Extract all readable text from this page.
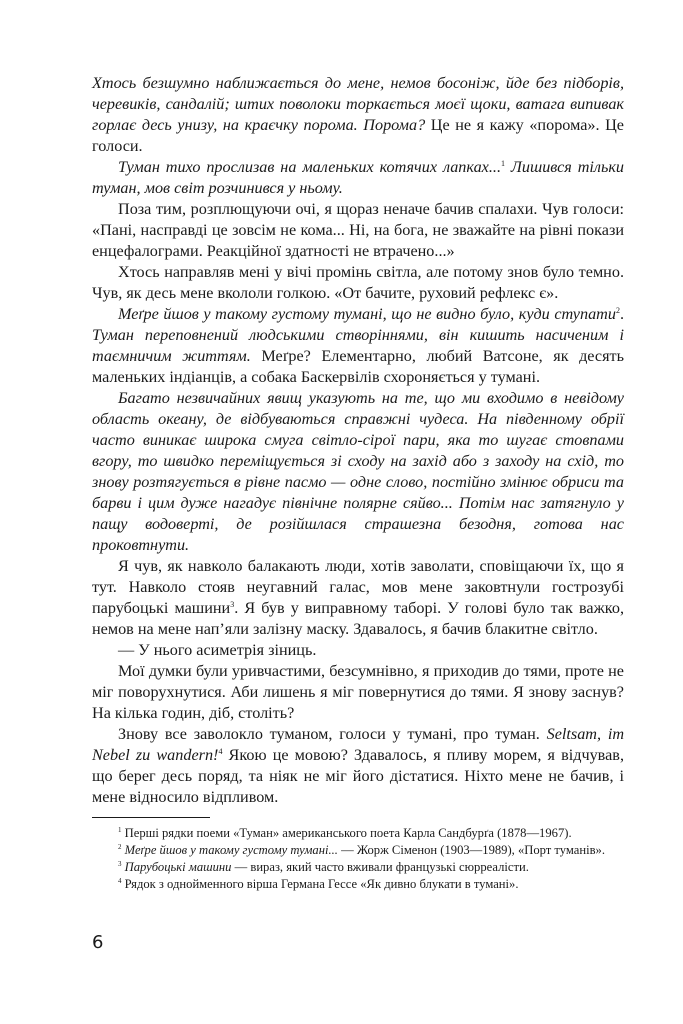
Хтось безшумно наближається до мене, немов босоніж, йде без підборів, черевиків, сандалій; штих поволоки торкається моєї щоки, ватага випивак горлає десь унизу, на краєчку порома. Порома? Це не я кажу «порома». Це голоси.

Туман тихо прослизав на маленьких котячих лапках...$^1$ Лишився тільки туман, мов світ розчинився у ньому.

Поза тим, розплющуючи очі, я щораз неначе бачив спалахи. Чув голоси: «Пані, насправді це зовсім не кома... Ні, на бога, не зважайте на рівні покази енцефалограми. Реакційної здатності не втрачено...»

Хтось направляв мені у вічі промінь світла, але потому знов було темно. Чув, як десь мене вкололи голкою. «От бачите, руховий рефлекс є».

Меґре йшов у такому густому тумані, що не видно було, куди ступати$^2$. Туман переповнений людськими створіннями, він кишить насиченим і таємничим життям. Меґре? Елементарно, любий Ватсоне, як десять маленьких індіанців, а собака Баскервілів схороняється у тумані.

Багато незвичайних явищ указують на те, що ми входимо в невідому область океану, де відбуваються справжні чудеса. На південному обрії часто виникає широка смуга світло-сірої пари, яка то шугає стовпами вгору, то швидко переміщується зі сходу на захід або з заходу на схід, то знову розтягується в рівне пасмо — одне слово, постійно змінює обриси та барви і цим дуже нагадує північне полярне сяйво... Потім нас затягнуло у пащу водоверті, де розійшлася страшезна безодня, готова нас проковтнути.

Я чув, як навколо балакають люди, хотів заволати, сповіщаючи їх, що я тут. Навколо стояв неугавний галас, мов мене заковтнули гострозубі парубоцькі машини$^3$. Я був у виправному таборі. У голові було так важко, немов на мене нап’яли залізну маску. Здавалось, я бачив блакитне світло.

— У нього асиметрія зіниць.

Мої думки були уривчастими, безсумнівно, я приходив до тями, проте не міг поворухнутися. Аби лишень я міг повернутися до тями. Я знову заснув? На кілька годин, діб, століть?

Знову все заволокло туманом, голоси у тумані, про туман. Seltsam, im Nebel zu wandern!$^4$ Якою це мовою? Здавалось, я пливу морем, я відчував, що берег десь поряд, та ніяк не міг його дістатися. Ніхто мене не бачив, і мене відносило відпливом.

$^1$ Перші рядки поеми «Туман» американського поета Карла Сандбурґа (1878—1967).

$^2$ Меґре йшов у такому густому тумані... — Жорж Сіменон (1903—1989), «Порт туманів».

$^3$ Парубоцькі машини — вираз, який часто вживали французькі сюрреалісти.

$^4$ Рядок з однойменного вірша Германа Гессе «Як дивно блукати в тумані».

6
